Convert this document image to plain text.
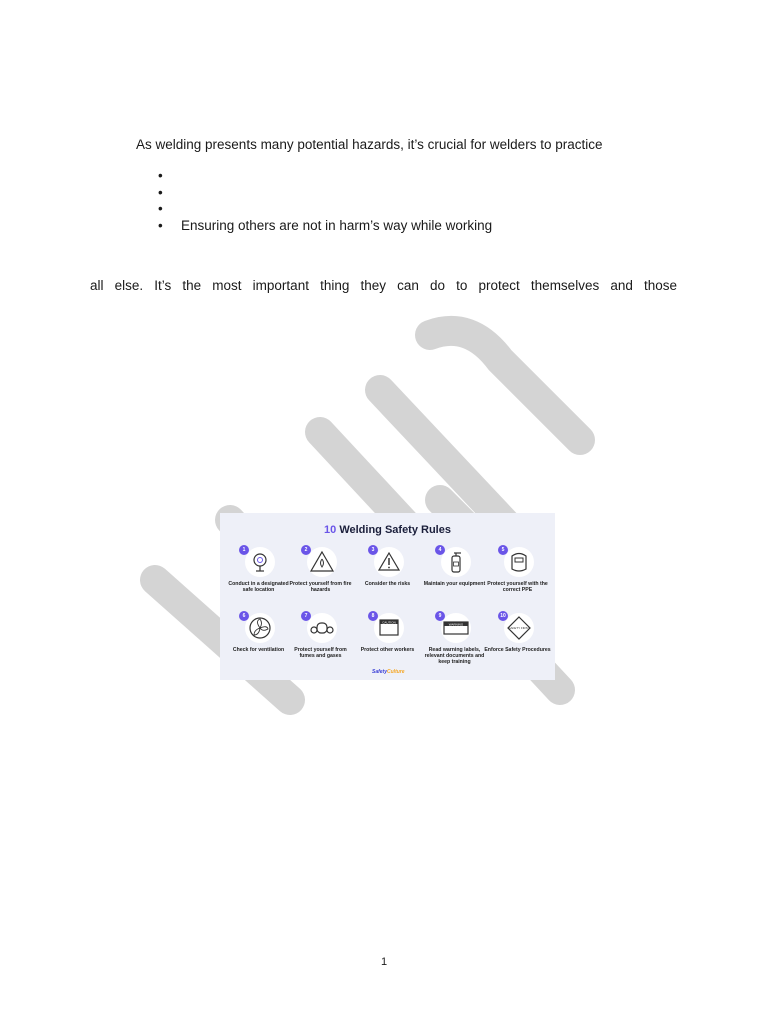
As welding presents many potential hazards, it’s crucial for welders to practice
•
•
•
• Ensuring others are not in harm’s way while working
all else. It’s the most important thing they can do to protect themselves and those
10 Welding Safety Rules
1
Conduct in a designated safe location
2
Protect yourself from fire hazards
3
Consider the risks
4
Maintain your equipment
5
Protect yourself with the correct PPE
6
Check for ventilation
7
Protect yourself from fumes and gases
CAUTION
8
Protect other workers
WARNING
9
Read warning labels, relevant documents and keep training
SAFETY FIRST
10
Enforce Safety Procedures
SafetyCulture
1
